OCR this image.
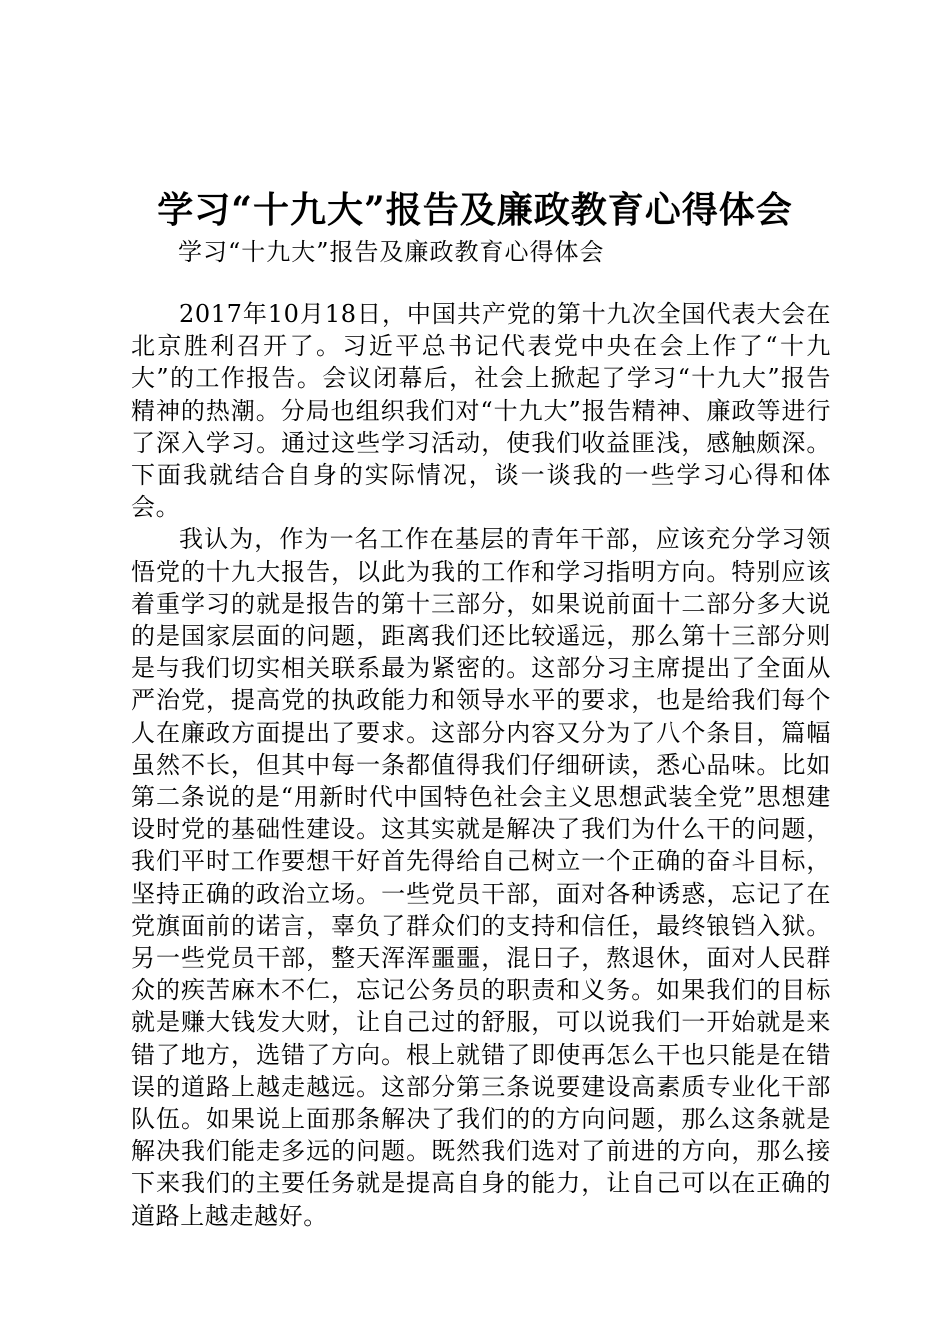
学习“十九大”报告及廉政教育心得体会
学习“十九大”报告及廉政教育心得体会

2017年10月18日，中国共产党的第十九次全国代表大会在北京胜利召开了。习近平总书记代表党中央在会上作了“十九大”的工作报告。会议闭幕后，社会上掀起了学习“十九大”报告精神的热潮。分局也组织我们对“十九大”报告精神、廉政等进行了深入学习。通过这些学习活动，使我们收益匪浅，感触颇深。下面我就结合自身的实际情况，谈一谈我的一些学习心得和体会。

我认为，作为一名工作在基层的青年干部，应该充分学习领悟党的十九大报告，以此为我的工作和学习指明方向。特别应该着重学习的就是报告的第十三部分，如果说前面十二部分多大说的是国家层面的问题，距离我们还比较遥远，那么第十三部分则是与我们切实相关联系最为紧密的。这部分习主席提出了全面从严治党，提高党的执政能力和领导水平的要求，也是给我们每个人在廉政方面提出了要求。这部分内容又分为了八个条目，篇幅虽然不长，但其中每一条都值得我们仔细研读，悉心品味。比如第二条说的是“用新时代中国特色社会主义思想武装全党”思想建设时党的基础性建设。这其实就是解决了我们为什么干的问题，我们平时工作要想干好首先得给自己树立一个正确的奋斗目标，坚持正确的政治立场。一些党员干部，面对各种诱惑，忘记了在党旗面前的诺言，辜负了群众们的支持和信任，最终锒铛入狱。另一些党员干部，整天浑浑噩噩，混日子，熬退休，面对人民群众的疾苦麻木不仁，忘记公务员的职责和义务。如果我们的目标就是赚大钱发大财，让自己过的舒服，可以说我们一开始就是来错了地方，选错了方向。根上就错了即使再怎么干也只能是在错误的道路上越走越远。这部分第三条说要建设高素质专业化干部队伍。如果说上面那条解决了我们的的方向问题，那么这条就是解决我们能走多远的问题。既然我们选对了前进的方向，那么接下来我们的主要任务就是提高自身的能力，让自己可以在正确的道路上越走越好。
